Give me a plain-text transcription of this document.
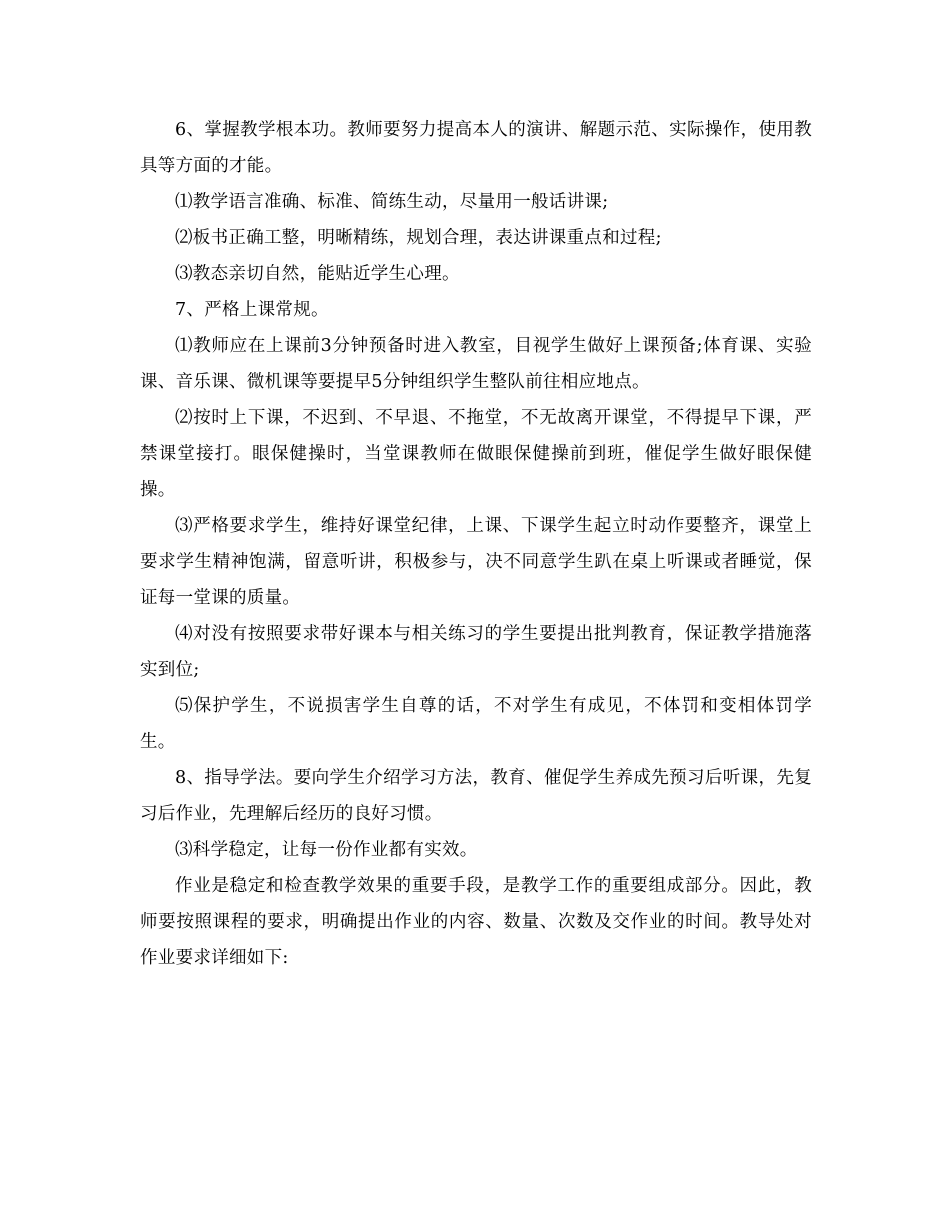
6、掌握教学根本功。教师要努力提高本人的演讲、解题示范、实际操作，使用教具等方面的才能。

⑴教学语言准确、标准、简练生动，尽量用一般话讲课;

⑵板书正确工整，明晰精练，规划合理，表达讲课重点和过程;

⑶教态亲切自然，能贴近学生心理。

7、严格上课常规。

⑴教师应在上课前3分钟预备时进入教室，目视学生做好上课预备;体育课、实验课、音乐课、微机课等要提早5分钟组织学生整队前往相应地点。

⑵按时上下课，不迟到、不早退、不拖堂，不无故离开课堂，不得提早下课，严禁课堂接打。眼保健操时，当堂课教师在做眼保健操前到班，催促学生做好眼保健操。

⑶严格要求学生，维持好课堂纪律，上课、下课学生起立时动作要整齐，课堂上要求学生精神饱满，留意听讲，积极参与，决不同意学生趴在桌上听课或者睡觉，保证每一堂课的质量。

⑷对没有按照要求带好课本与相关练习的学生要提出批判教育，保证教学措施落实到位;

⑸保护学生，不说损害学生自尊的话，不对学生有成见，不体罚和变相体罚学生。

8、指导学法。要向学生介绍学习方法，教育、催促学生养成先预习后听课，先复习后作业，先理解后经历的良好习惯。

⑶科学稳定，让每一份作业都有实效。

作业是稳定和检查教学效果的重要手段，是教学工作的重要组成部分。因此，教师要按照课程的要求，明确提出作业的内容、数量、次数及交作业的时间。教导处对作业要求详细如下:
